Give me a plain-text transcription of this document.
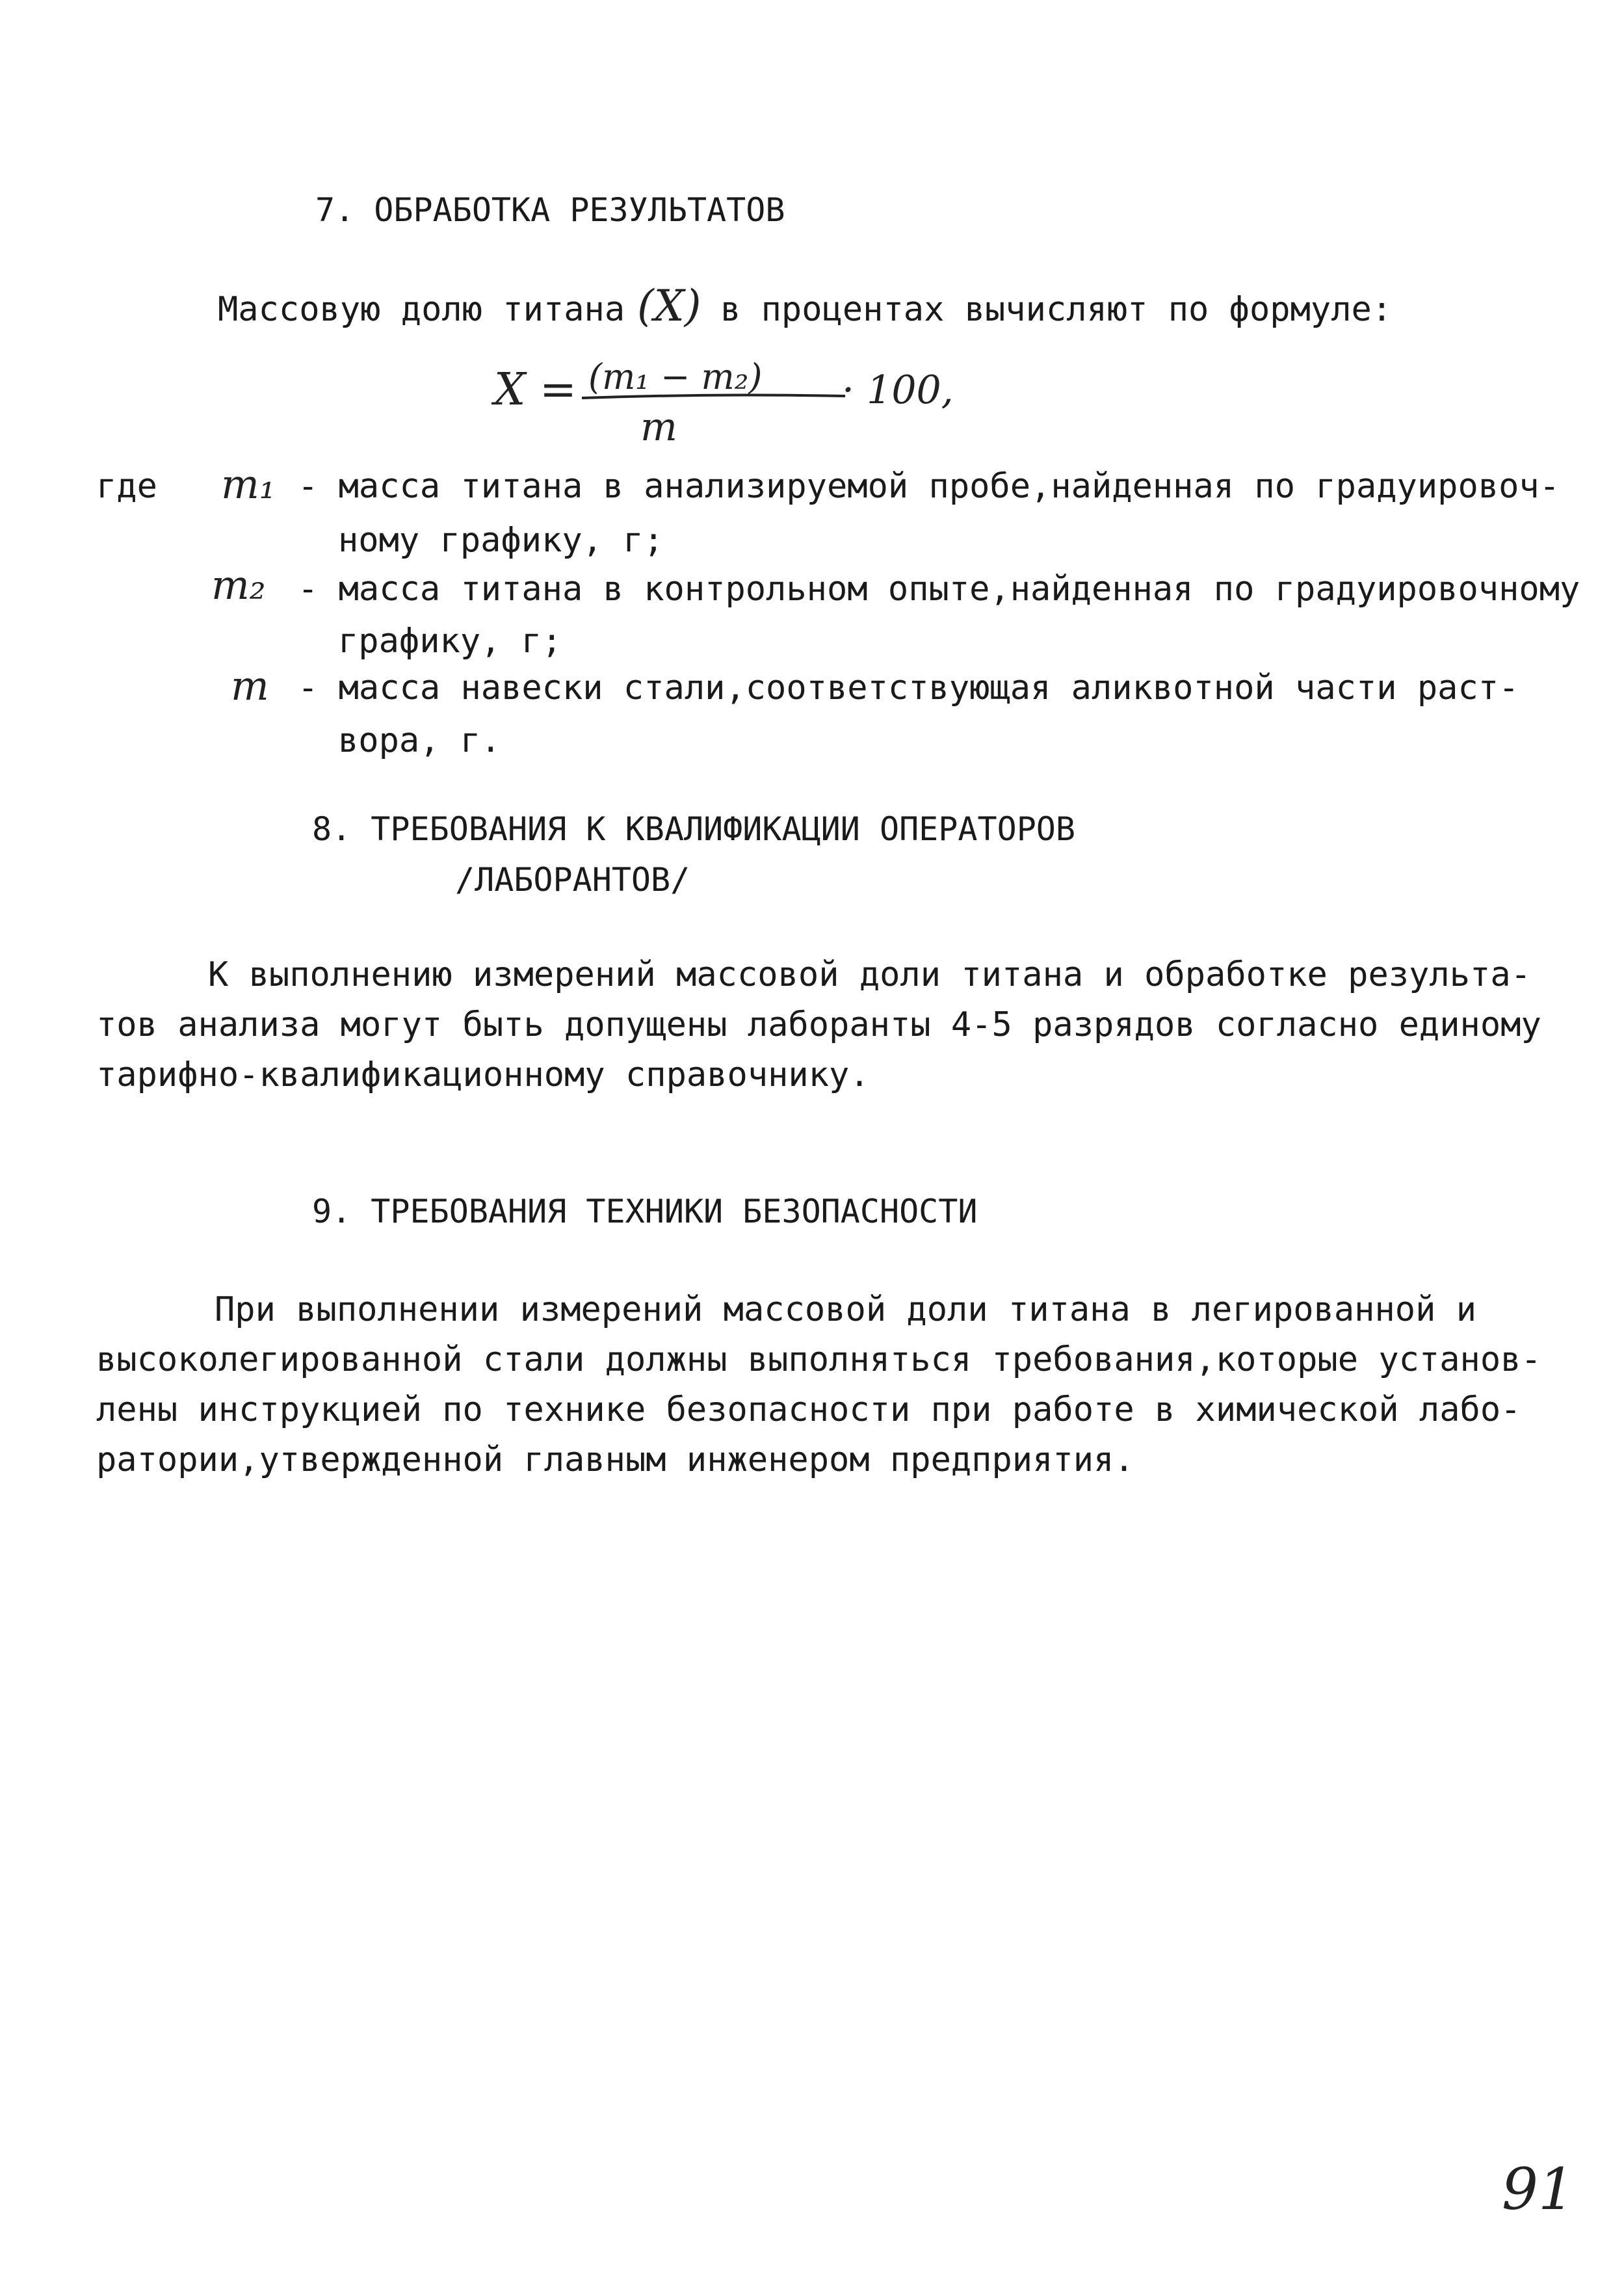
7. ОБРАБОТКА РЕЗУЛЬТАТОВ
Массовую долю титана (X) в процентах вычисляют по формуле:
X = (m₁ − m₂)
m
· 100,
где m₁ - масса титана в анализируемой пробе,найденная по градуировоч-
ному графику, г;
m₂ - масса титана в контрольном опыте,найденная по градуировочному
графику, г;
m - масса навески стали,соответствующая аликвотной части раст-
вора, г.
8. ТРЕБОВАНИЯ К КВАЛИФИКАЦИИ ОПЕРАТОРОВ
/ЛАБОРАНТОВ/
К выполнению измерений массовой доли титана и обработке результа-
тов анализа могут быть допущены лаборанты 4-5 разрядов согласно единому
тарифно-квалификационному справочнику.
9. ТРЕБОВАНИЯ ТЕХНИКИ БЕЗОПАСНОСТИ
При выполнении измерений массовой доли титана в легированной и
высоколегированной стали должны выполняться требования,которые установ-
лены инструкцией по технике безопасности при работе в химической лабо-
ратории,утвержденной главным инженером предприятия.
91
